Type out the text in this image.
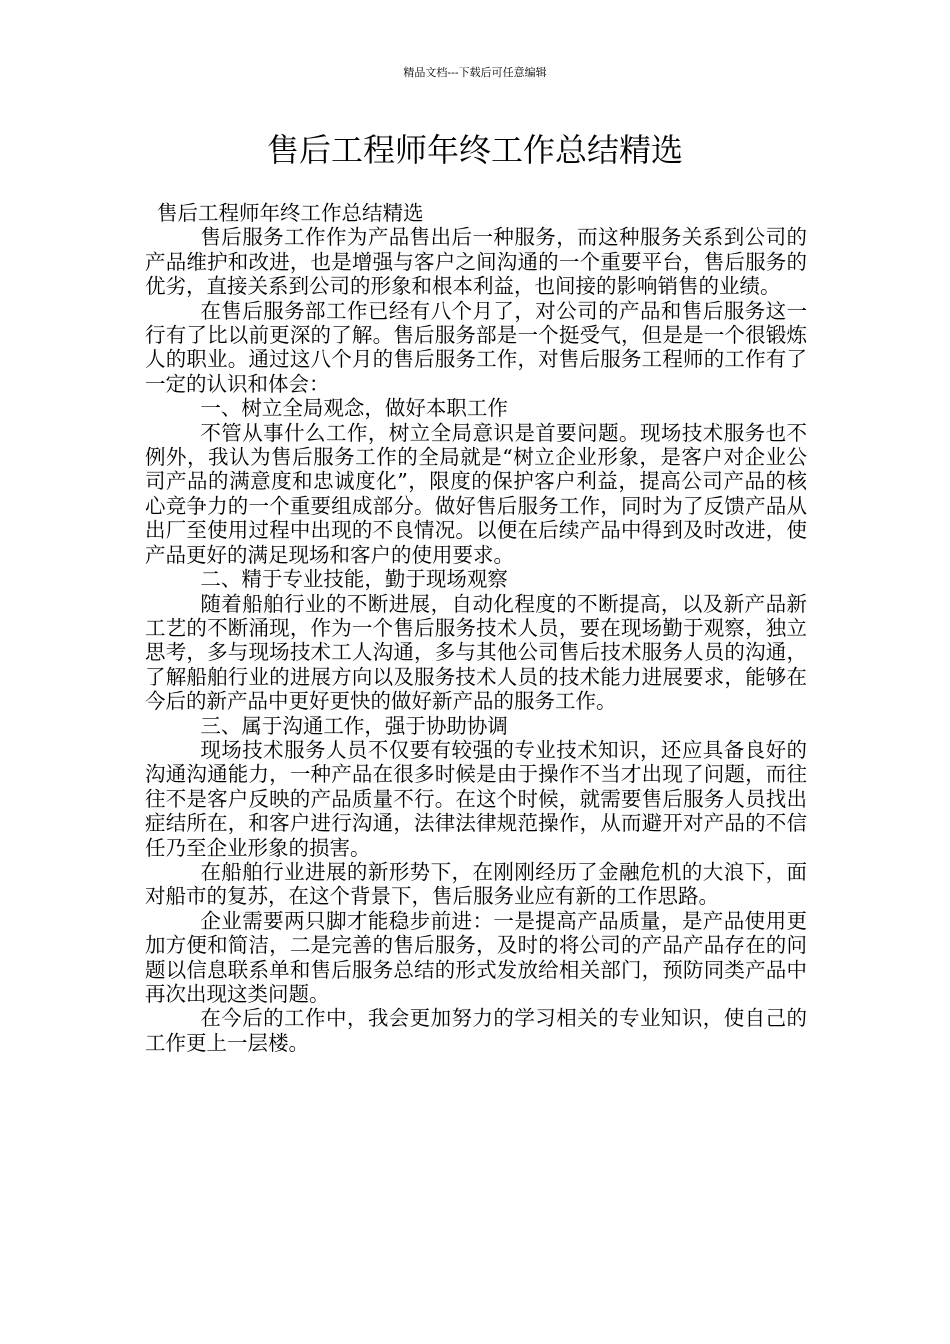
精品文档---下载后可任意编辑
售后工程师年终工作总结精选

售后工程师年终工作总结精选

售后服务工作作为产品售出后一种服务，而这种服务关系到公司的产品维护和改进，也是增强与客户之间沟通的一个重要平台，售后服务的优劣，直接关系到公司的形象和根本利益，也间接的影响销售的业绩。

在售后服务部工作已经有八个月了，对公司的产品和售后服务这一行有了比以前更深的了解。售后服务部是一个挺受气，但是是一个很锻炼人的职业。通过这八个月的售后服务工作，对售后服务工程师的工作有了一定的认识和体会：

一、树立全局观念，做好本职工作

不管从事什么工作，树立全局意识是首要问题。现场技术服务也不例外，我认为售后服务工作的全局就是“树立企业形象，是客户对企业公司产品的满意度和忠诚度化”，限度的保护客户利益，提高公司产品的核心竞争力的一个重要组成部分。做好售后服务工作，同时为了反馈产品从出厂至使用过程中出现的不良情况。以便在后续产品中得到及时改进，使产品更好的满足现场和客户的使用要求。

二、精于专业技能，勤于现场观察

随着船舶行业的不断进展，自动化程度的不断提高，以及新产品新工艺的不断涌现，作为一个售后服务技术人员，要在现场勤于观察，独立思考，多与现场技术工人沟通，多与其他公司售后技术服务人员的沟通，了解船舶行业的进展方向以及服务技术人员的技术能力进展要求，能够在今后的新产品中更好更快的做好新产品的服务工作。

三、属于沟通工作，强于协助协调

现场技术服务人员不仅要有较强的专业技术知识，还应具备良好的沟通沟通能力，一种产品在很多时候是由于操作不当才出现了问题，而往往不是客户反映的产品质量不行。在这个时候，就需要售后服务人员找出症结所在，和客户进行沟通，法律法律规范操作，从而避开对产品的不信任乃至企业形象的损害。

在船舶行业进展的新形势下，在刚刚经历了金融危机的大浪下，面对船市的复苏，在这个背景下，售后服务业应有新的工作思路。

企业需要两只脚才能稳步前进：一是提高产品质量，是产品使用更加方便和简洁，二是完善的售后服务，及时的将公司的产品产品存在的问题以信息联系单和售后服务总结的形式发放给相关部门，预防同类产品中再次出现这类问题。

在今后的工作中，我会更加努力的学习相关的专业知识，使自己的工作更上一层楼。
